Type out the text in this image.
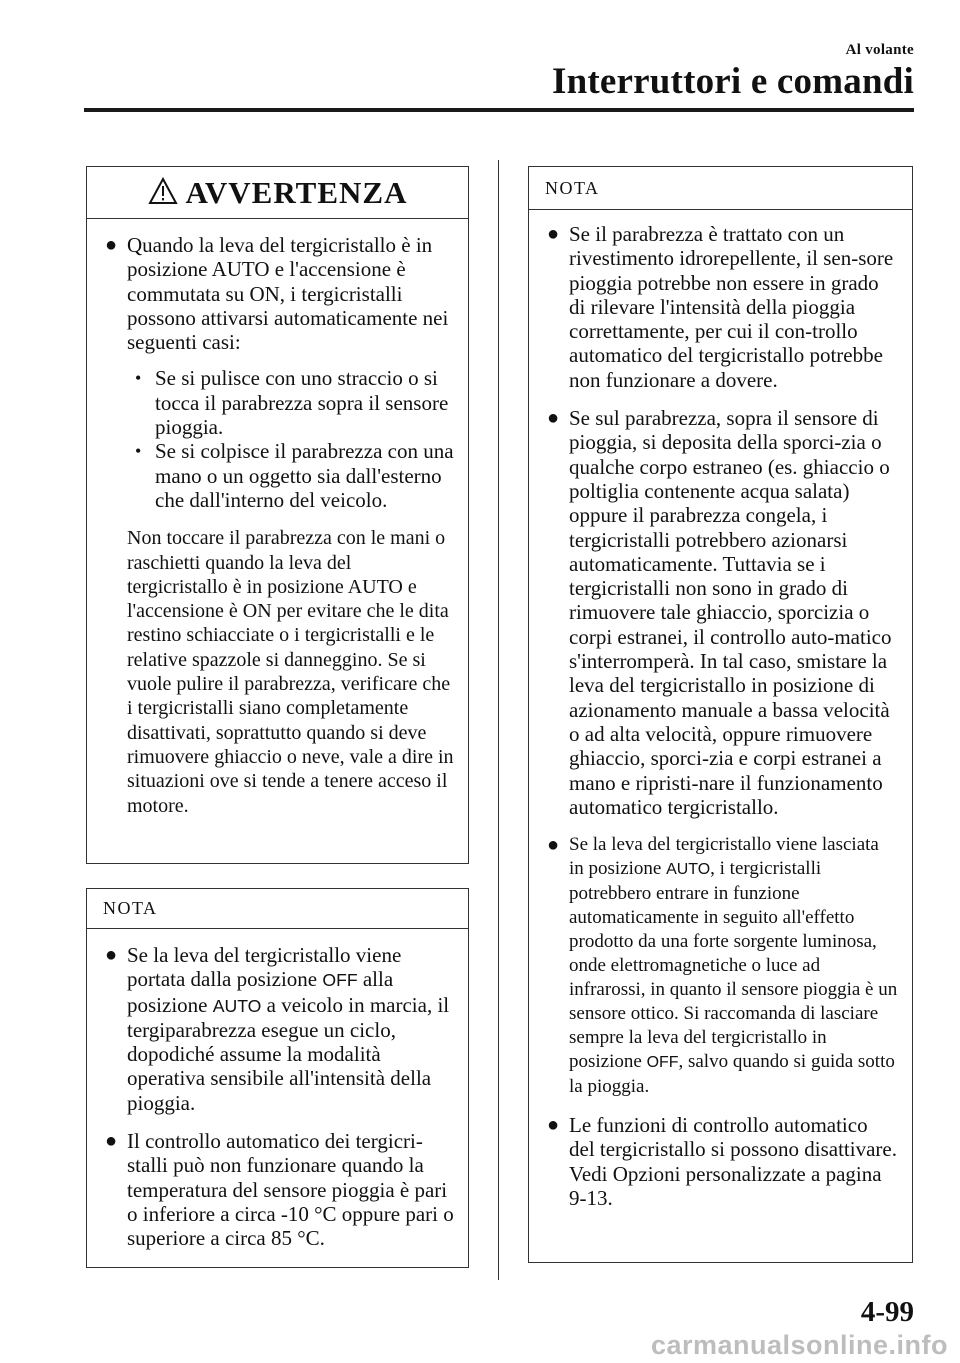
Al volante
Interruttori e comandi
AVVERTENZA
● Quando la leva del tergicristallo è in posizione AUTO e l'accensione è commutata su ON, i tergicristalli possono attivarsi automaticamente nei seguenti casi:
• Se si pulisce con uno straccio o si tocca il parabrezza sopra il sensore pioggia.
• Se si colpisce il parabrezza con una mano o un oggetto sia dall'esterno che dall'interno del veicolo.
Non toccare il parabrezza con le mani o raschietti quando la leva del tergicristallo è in posizione AUTO e l'accensione è ON per evitare che le dita restino schiacciate o i tergicristalli e le relative spazzole si danneggino. Se si vuole pulire il parabrezza, verificare che i tergicristalli siano completamente disattivati, soprattutto quando si deve rimuovere ghiaccio o neve, vale a dire in situazioni ove si tende a tenere acceso il motore.
NOTA
● Se la leva del tergicristallo viene portata dalla posizione OFF alla posizione AUTO a veicolo in marcia, il tergiparabrezza esegue un ciclo, dopodiché assume la modalità operativa sensibile all'intensità della pioggia.
● Il controllo automatico dei tergicri-stalli può non funzionare quando la temperatura del sensore pioggia è pari o inferiore a circa -10 °C oppure pari o superiore a circa 85 °C.
NOTA
● Se il parabrezza è trattato con un rivestimento idrorepellente, il sen-sore pioggia potrebbe non essere in grado di rilevare l'intensità della pioggia correttamente, per cui il con-trollo automatico del tergicristallo potrebbe non funzionare a dovere.
● Se sul parabrezza, sopra il sensore di pioggia, si deposita della sporci-zia o qualche corpo estraneo (es. ghiaccio o poltiglia contenente acqua salata) oppure il parabrezza congela, i tergicristalli potrebbero azionarsi automaticamente. Tuttavia se i tergicristalli non sono in grado di rimuovere tale ghiaccio, sporcizia o corpi estranei, il controllo auto-matico s'interromperà. In tal caso, smistare la leva del tergicristallo in posizione di azionamento manuale a bassa velocità o ad alta velocità, oppure rimuovere ghiaccio, sporci-zia e corpi estranei a mano e ripristi-nare il funzionamento automatico tergicristallo.
● Se la leva del tergicristallo viene lasciata in posizione AUTO, i tergicristalli potrebbero entrare in funzione automaticamente in seguito all'effetto prodotto da una forte sorgente luminosa, onde elettromagnetiche o luce ad infrarossi, in quanto il sensore pioggia è un sensore ottico. Si raccomanda di lasciare sempre la leva del tergicristallo in posizione OFF, salvo quando si guida sotto la pioggia.
● Le funzioni di controllo automatico del tergicristallo si possono disattivare.
Vedi Opzioni personalizzate a pagina 9-13.
4-99
carmanualsonline.info
